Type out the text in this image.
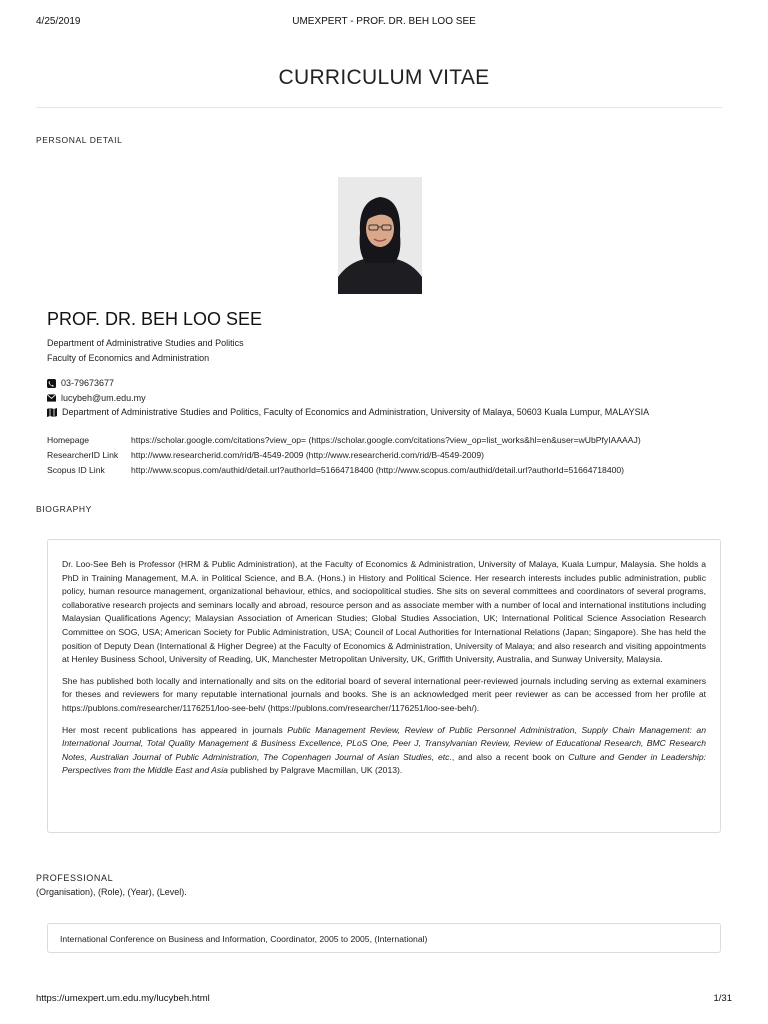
4/25/2019	UMEXPERT - PROF. DR. BEH LOO SEE
CURRICULUM VITAE
PERSONAL DETAIL
PROF. DR. BEH LOO SEE
Department of Administrative Studies and Politics
Faculty of Economics and Administration
03-79673677
lucybeh@um.edu.my
Department of Administrative Studies and Politics, Faculty of Economics and Administration, University of Malaya, 50603 Kuala Lumpur, MALAYSIA
Homepage	https://scholar.google.com/citations?view_op= (https://scholar.google.com/citations?view_op=list_works&hl=en&user=wUbPfyIAAAAJ)
ResearcherID Link http://www.researcherid.com/rid/B-4549-2009 (http://www.researcherid.com/rid/B-4549-2009)
Scopus ID Link	http://www.scopus.com/authid/detail.url?authorId=51664718400 (http://www.scopus.com/authid/detail.url?authorId=51664718400)
BIOGRAPHY

Dr. Loo-See Beh is Professor (HRM & Public Administration), at the Faculty of Economics & Administration, University of Malaya, Kuala Lumpur, Malaysia. She holds a PhD in Training Management, M.A. in Political Science, and B.A. (Hons.) in History and Political Science. Her research interests includes public administration, public policy, human resource management, organizational behaviour, ethics, and sociopolitical studies. She sits on several committees and coordinators of several programs, collaborative research projects and seminars locally and abroad, resource person and as associate member with a number of local and international institutions including Malaysian Qualifications Agency; Malaysian Association of American Studies; Global Studies Association, UK; International Political Science Association Research Committee on SOG, USA; American Society for Public Administration, USA; Council of Local Authorities for International Relations (Japan; Singapore). She has held the position of Deputy Dean (International & Higher Degree) at the Faculty of Economics & Administration, University of Malaya; and also research and visiting appointments at Henley Business School, University of Reading, UK, Manchester Metropolitan University, UK, Griffith University, Australia, and Sunway University, Malaysia.

She has published both locally and internationally and sits on the editorial board of several international peer-reviewed journals including serving as external examiners for theses and reviewers for many reputable international journals and books. She is an acknowledged merit peer reviewer as can be accessed from her profile at https://publons.com/researcher/1176251/loo-see-beh/ (https://publons.com/researcher/1176251/loo-see-beh/).

Her most recent publications has appeared in journals Public Management Review, Review of Public Personnel Administration, Supply Chain Management: an International Journal, Total Quality Management & Business Excellence, PLoS One, Peer J, Transylvanian Review, Review of Educational Research, BMC Research Notes, Australian Journal of Public Administration, The Copenhagen Journal of Asian Studies, etc., and also a recent book on Culture and Gender in Leadership: Perspectives from the Middle East and Asia published by Palgrave Macmillan, UK (2013).

PROFESSIONAL
(Organisation), (Role), (Year), (Level).
International Conference on Business and Information, Coordinator, 2005 to 2005, (International)
https://umexpert.um.edu.my/lucybeh.html	1/31
